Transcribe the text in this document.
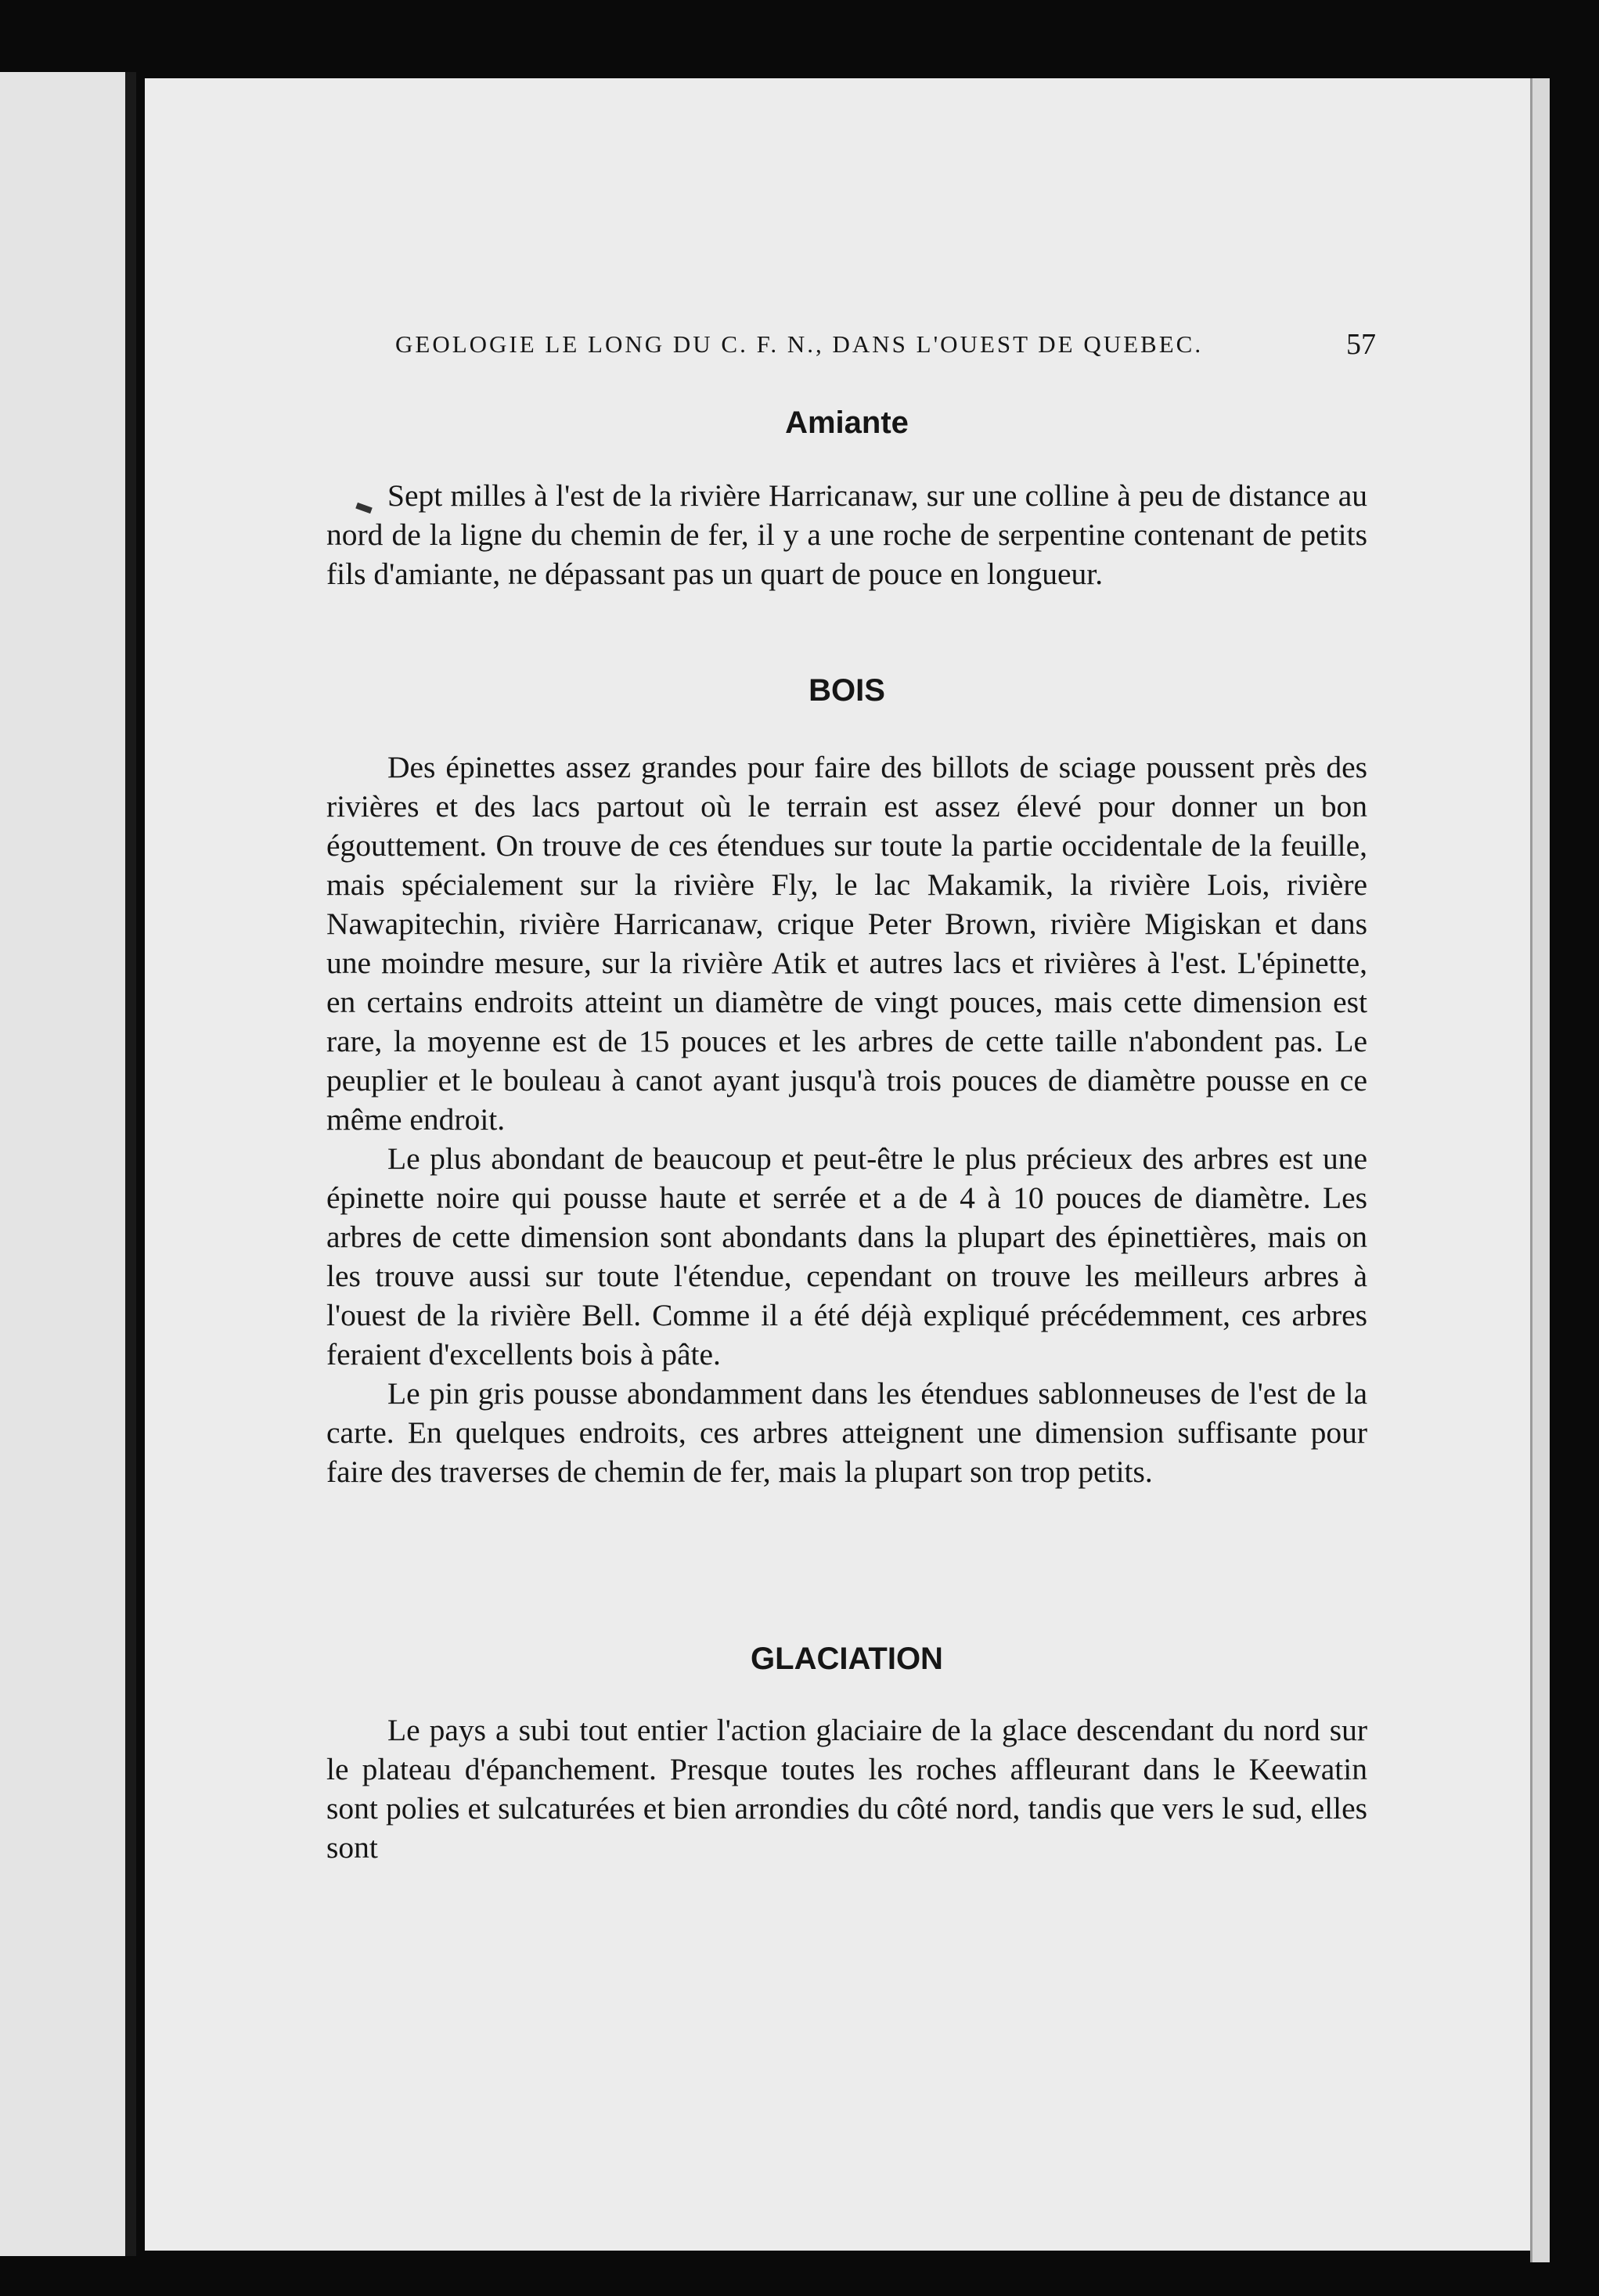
GEOLOGIE LE LONG DU C. F. N., DANS L'OUEST DE QUEBEC.	57
Amiante

Sept milles à l'est de la rivière Harricanaw, sur une colline à peu de distance au nord de la ligne du chemin de fer, il y a une roche de serpentine contenant de petits fils d'amiante, ne dépassant pas un quart de pouce en longueur.

BOIS

Des épinettes assez grandes pour faire des billots de sciage poussent près des rivières et des lacs partout où le terrain est assez élevé pour donner un bon égouttement. On trouve de ces étendues sur toute la partie occidentale de la feuille, mais spécialement sur la rivière Fly, le lac Makamik, la rivière Lois, rivière Nawapitechin, rivière Harricanaw, crique Peter Brown, rivière Migiskan et dans une moindre mesure, sur la rivière Atik et autres lacs et rivières à l'est. L'épinette, en certains endroits atteint un diamètre de vingt pouces, mais cette dimension est rare, la moyenne est de 15 pouces et les arbres de cette taille n'abondent pas. Le peuplier et le bouleau à canot ayant jusqu'à trois pouces de diamètre pousse en ce même endroit.

Le plus abondant de beaucoup et peut-être le plus précieux des arbres est une épinette noire qui pousse haute et serrée et a de 4 à 10 pouces de diamètre. Les arbres de cette dimension sont abondants dans la plupart des épinettières, mais on les trouve aussi sur toute l'étendue, cependant on trouve les meilleurs arbres à l'ouest de la rivière Bell. Comme il a été déjà expliqué précédemment, ces arbres feraient d'excellents bois à pâte.

Le pin gris pousse abondamment dans les étendues sablonneuses de l'est de la carte. En quelques endroits, ces arbres atteignent une dimension suffisante pour faire des traverses de chemin de fer, mais la plupart son trop petits.

GLACIATION

Le pays a subi tout entier l'action glaciaire de la glace descendant du nord sur le plateau d'épanchement. Presque toutes les roches affleurant dans le Keewatin sont polies et sulcaturées et bien arrondies du côté nord, tandis que vers le sud, elles sont
